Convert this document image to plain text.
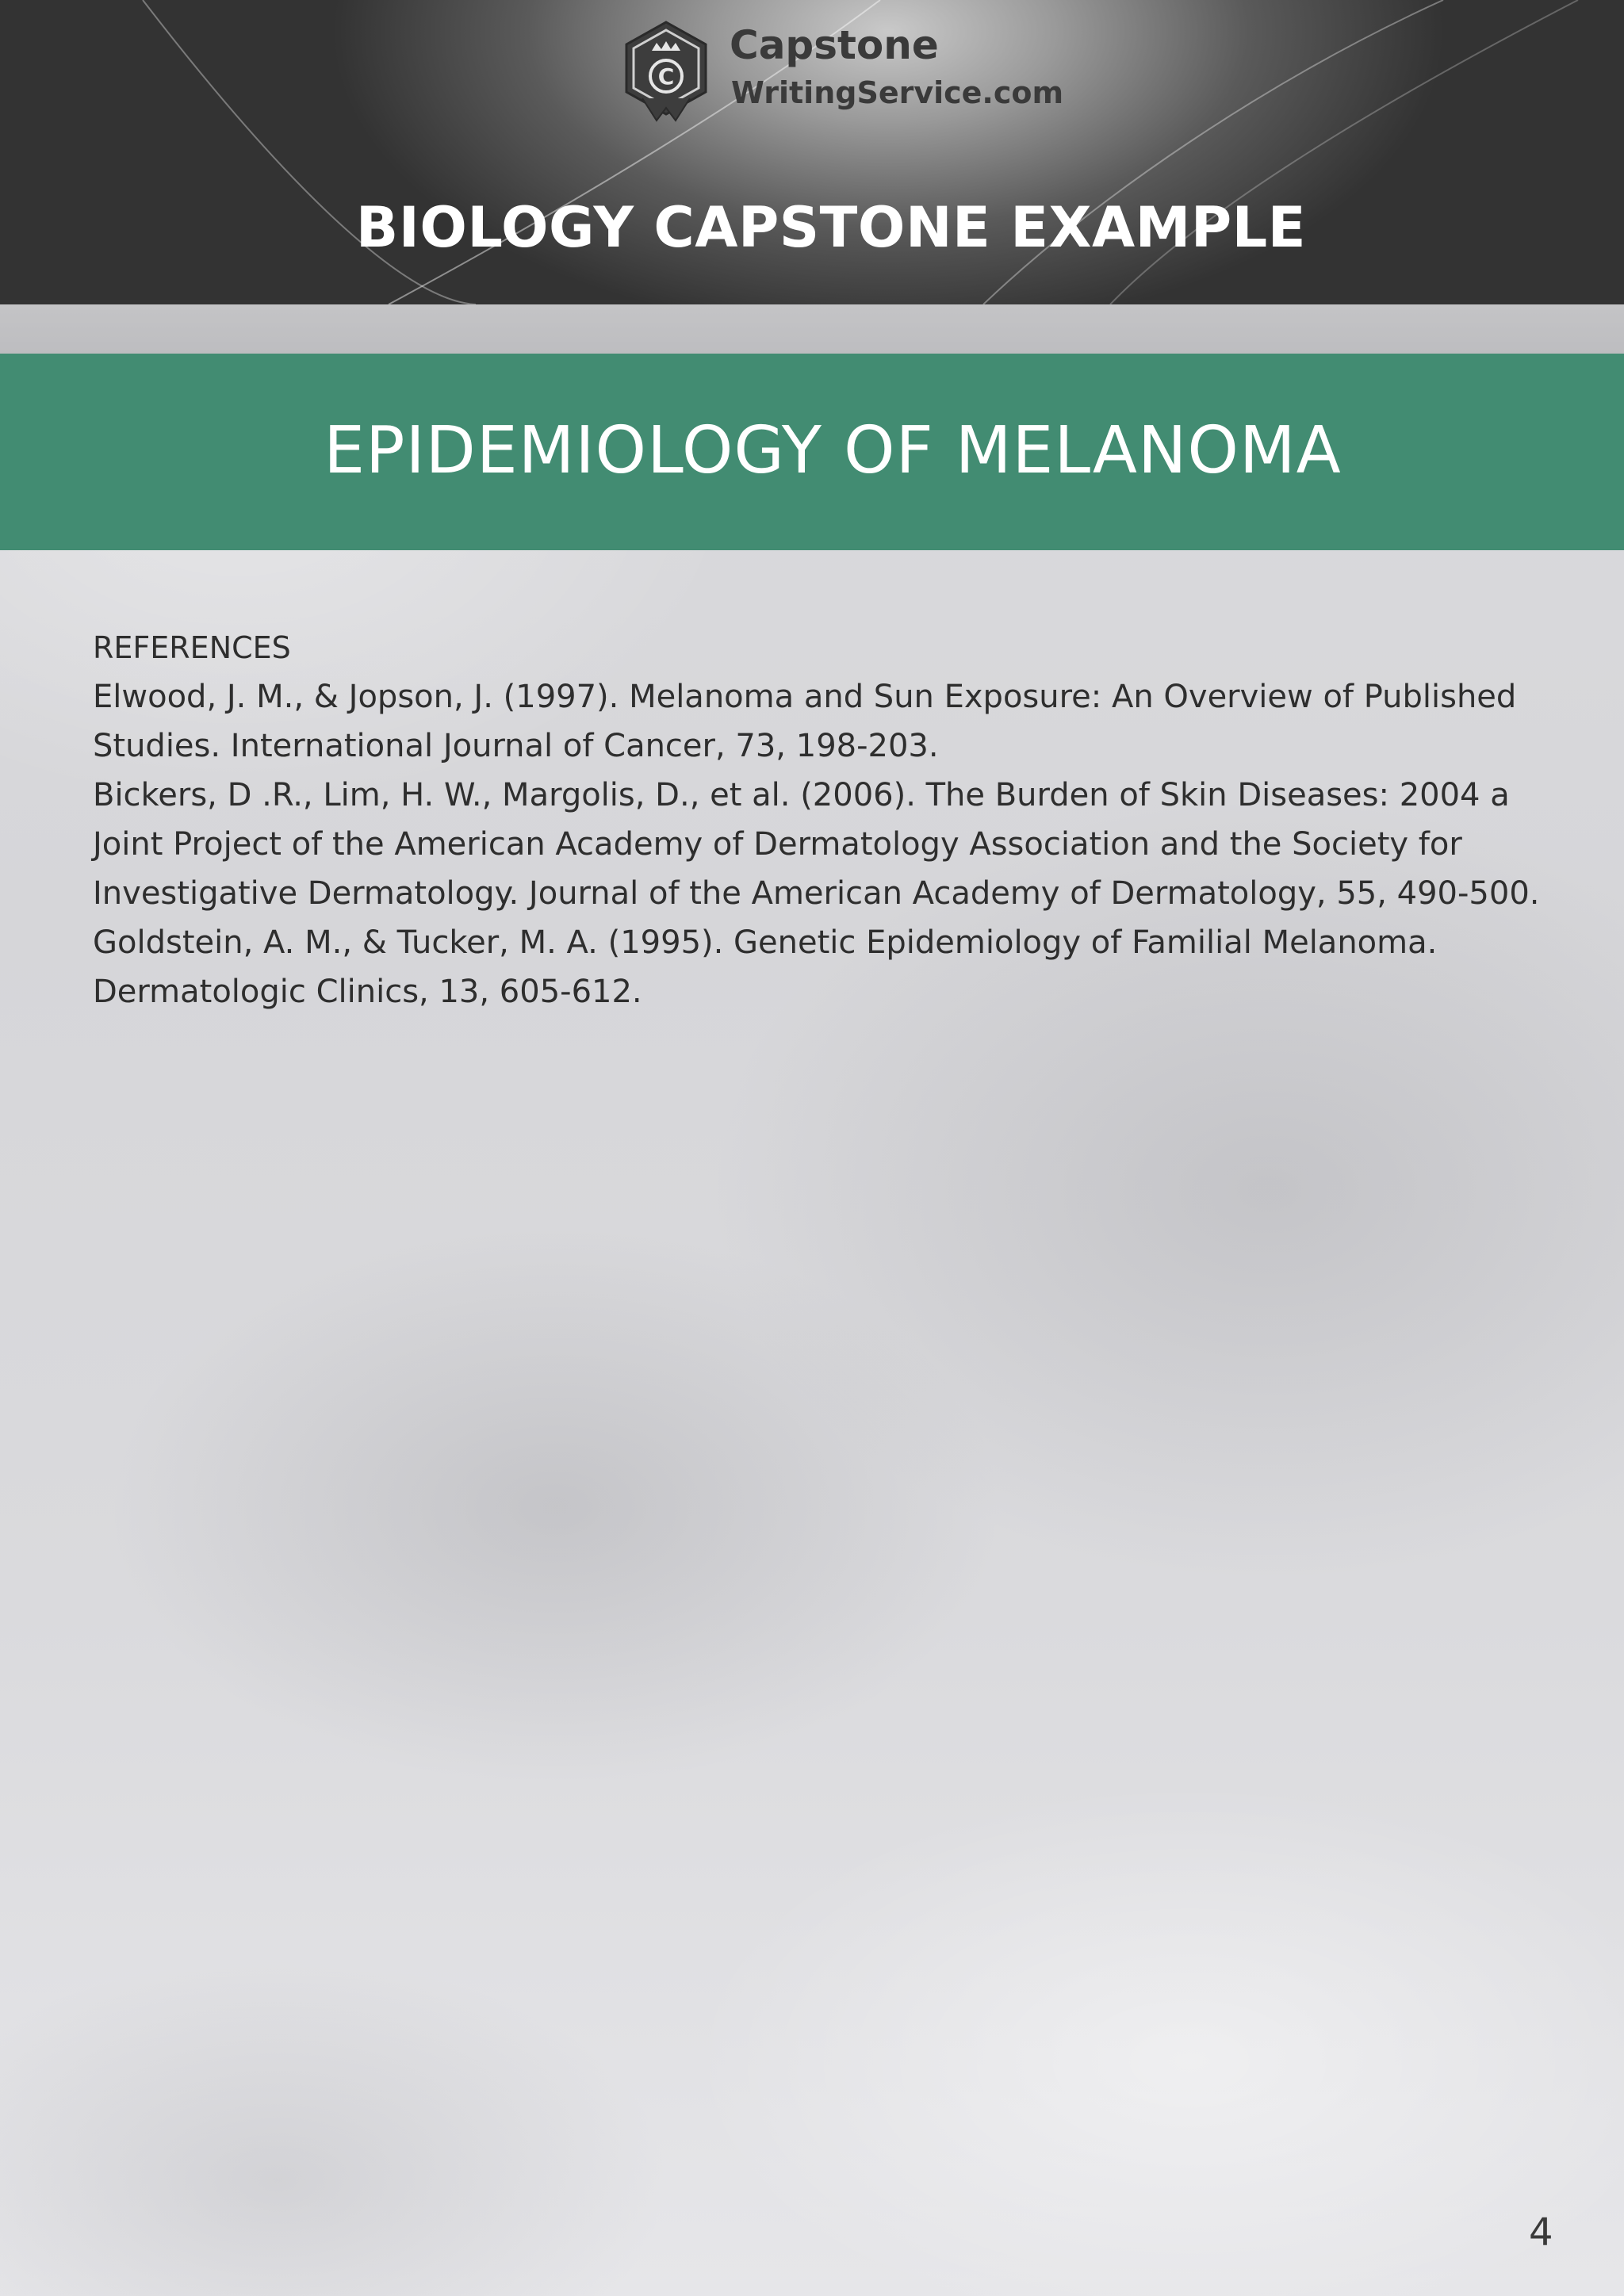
C
Capstone
WritingService.com
BIOLOGY CAPSTONE EXAMPLE
EPIDEMIOLOGY OF MELANOMA
REFERENCES
Elwood, J. M., & Jopson, J. (1997). Melanoma and Sun Exposure: An Overview of Published Studies. International Journal of Cancer, 73, 198-203.
Bickers, D .R., Lim, H. W., Margolis, D., et al. (2006). The Burden of Skin Diseases: 2004 a Joint Project of the American Academy of Dermatology Association and the Society for Investigative Dermatology. Journal of the American Academy of Dermatology, 55, 490-500.
Goldstein, A. M., & Tucker, M. A. (1995). Genetic Epidemiology of Familial Melanoma. Dermatologic Clinics, 13, 605-612.
4
